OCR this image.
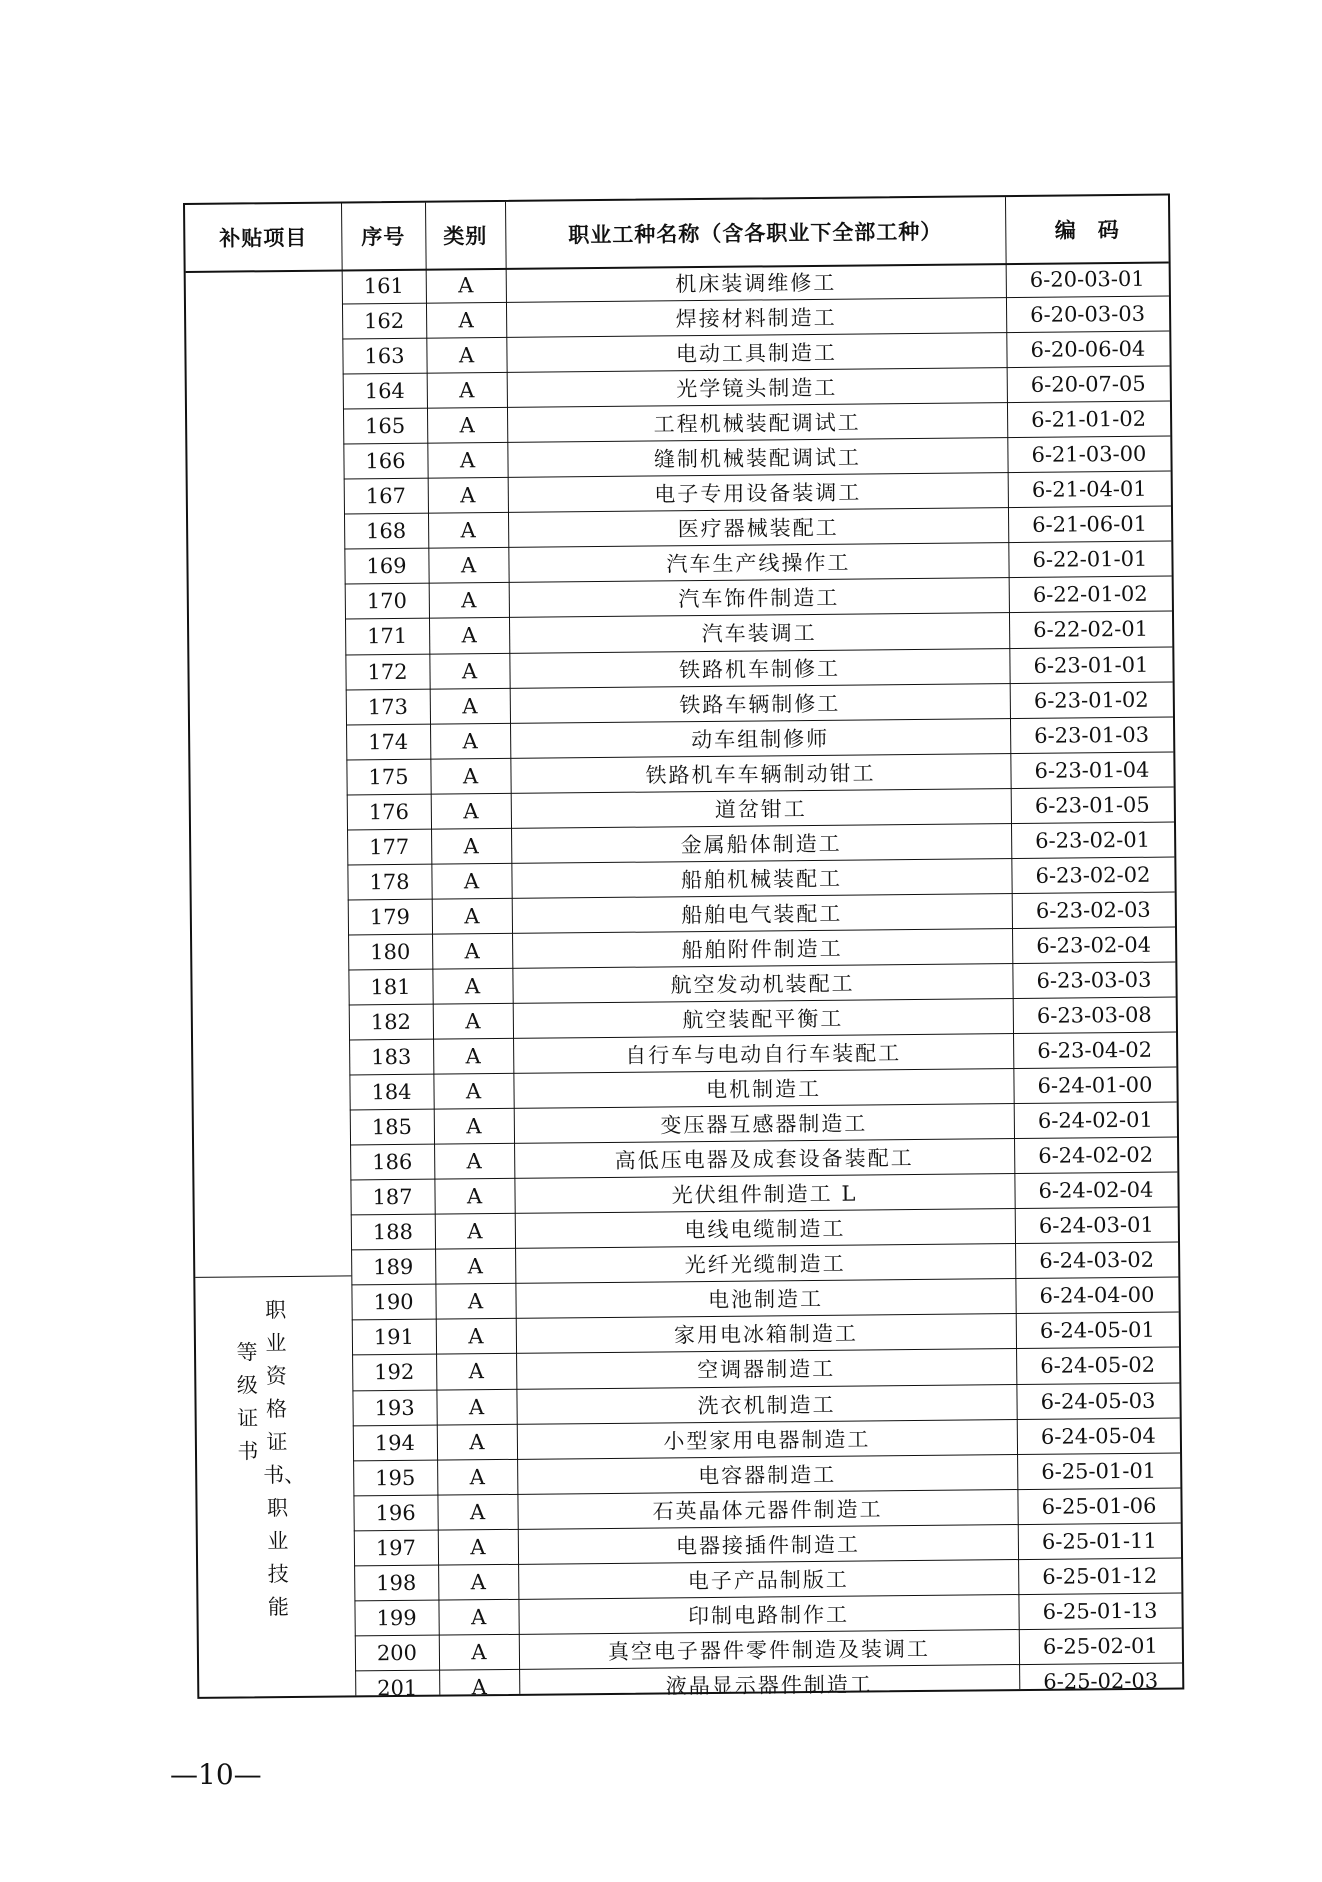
补贴项目	序号	类别	职业工种名称（含各职业下全部工种）	编码
职业资格证书、职业技能
等级证书
161	A	机床装调维修工	6-20-03-01
162	A	焊接材料制造工	6-20-03-03
163	A	电动工具制造工	6-20-06-04
164	A	光学镜头制造工	6-20-07-05
165	A	工程机械装配调试工	6-21-01-02
166	A	缝制机械装配调试工	6-21-03-00
167	A	电子专用设备装调工	6-21-04-01
168	A	医疗器械装配工	6-21-06-01
169	A	汽车生产线操作工	6-22-01-01
170	A	汽车饰件制造工	6-22-01-02
171	A	汽车装调工	6-22-02-01
172	A	铁路机车制修工	6-23-01-01
173	A	铁路车辆制修工	6-23-01-02
174	A	动车组制修师	6-23-01-03
175	A	铁路机车车辆制动钳工	6-23-01-04
176	A	道岔钳工	6-23-01-05
177	A	金属船体制造工	6-23-02-01
178	A	船舶机械装配工	6-23-02-02
179	A	船舶电气装配工	6-23-02-03
180	A	船舶附件制造工	6-23-02-04
181	A	航空发动机装配工	6-23-03-03
182	A	航空装配平衡工	6-23-03-08
183	A	自行车与电动自行车装配工	6-23-04-02
184	A	电机制造工	6-24-01-00
185	A	变压器互感器制造工	6-24-02-01
186	A	高低压电器及成套设备装配工	6-24-02-02
187	A	光伏组件制造工 L	6-24-02-04
188	A	电线电缆制造工	6-24-03-01
189	A	光纤光缆制造工	6-24-03-02
190	A	电池制造工	6-24-04-00
191	A	家用电冰箱制造工	6-24-05-01
192	A	空调器制造工	6-24-05-02
193	A	洗衣机制造工	6-24-05-03
194	A	小型家用电器制造工	6-24-05-04
195	A	电容器制造工	6-25-01-01
196	A	石英晶体元器件制造工	6-25-01-06
197	A	电器接插件制造工	6-25-01-11
198	A	电子产品制版工	6-25-01-12
199	A	印制电路制作工	6-25-01-13
200	A	真空电子器件零件制造及装调工	6-25-02-01
201	A	液晶显示器件制造工	6-25-02-03
—10—
